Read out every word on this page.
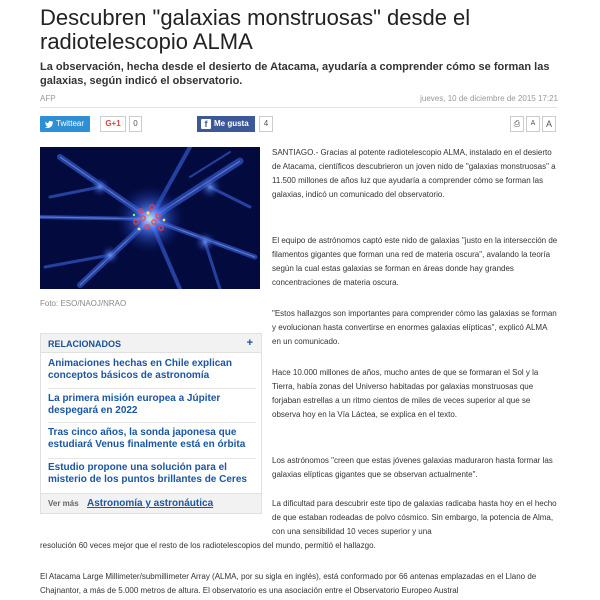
Descubren "galaxias monstruosas" desde el radiotelescopio ALMA

La observación, hecha desde el desierto de Atacama, ayudaría a comprender cómo se forman las galaxias, según indicó el observatorio.

AFP	jueves, 10 de diciembre de 2015 17:21
Twittear	G+1	0	f Me gusta	4	⎙	A	A
Foto: ESO/NAOJ/NRAO
RELACIONADOS	+
Animaciones hechas en Chile explican conceptos básicos de astronomía
La primera misión europea a Júpiter despegará en 2022
Tras cinco años, la sonda japonesa que estudiará Venus finalmente está en órbita
Estudio propone una solución para el misterio de los puntos brillantes de Ceres
Ver más Astronomía y astronáutica

SANTIAGO.- Gracias al potente radiotelescopio ALMA, instalado en el desierto de Atacama, científicos descubrieron un joven nido de "galaxias monstruosas" a 11.500 millones de años luz que ayudaría a comprender cómo se forman las galaxias, indicó un comunicado del observatorio.

El equipo de astrónomos captó este nido de galaxias "justo en la intersección de filamentos gigantes que forman una red de materia oscura", avalando la teoría según la cual estas galaxias se forman en áreas donde hay grandes concentraciones de materia oscura.

"Estos hallazgos son importantes para comprender cómo las galaxias se forman y evolucionan hasta convertirse en enormes galaxias elípticas", explicó ALMA en un comunicado.

Hace 10.000 millones de años, mucho antes de que se formaran el Sol y la Tierra, había zonas del Universo habitadas por galaxias monstruosas que forjaban estrellas a un ritmo cientos de miles de veces superior al que se observa hoy en la Vía Láctea, se explica en el texto.

Los astrónomos "creen que estas jóvenes galaxias maduraron hasta formar las galaxias elípticas gigantes que se observan actualmente".

La dificultad para descubrir este tipo de galaxias radicaba hasta hoy en el hecho de que estaban rodeadas de polvo cósmico. Sin embargo, la potencia de Alma, con una sensibilidad 10 veces superior y una

resolución 60 veces mejor que el resto de los radiotelescopios del mundo, permitió el hallazgo.

El Atacama Large Millimeter/submillimeter Array (ALMA, por su sigla en inglés), está conformado por 66 antenas emplazadas en el Llano de Chajnantor, a más de 5.000 metros de altura. El observatorio es una asociación entre el Observatorio Europeo Austral
